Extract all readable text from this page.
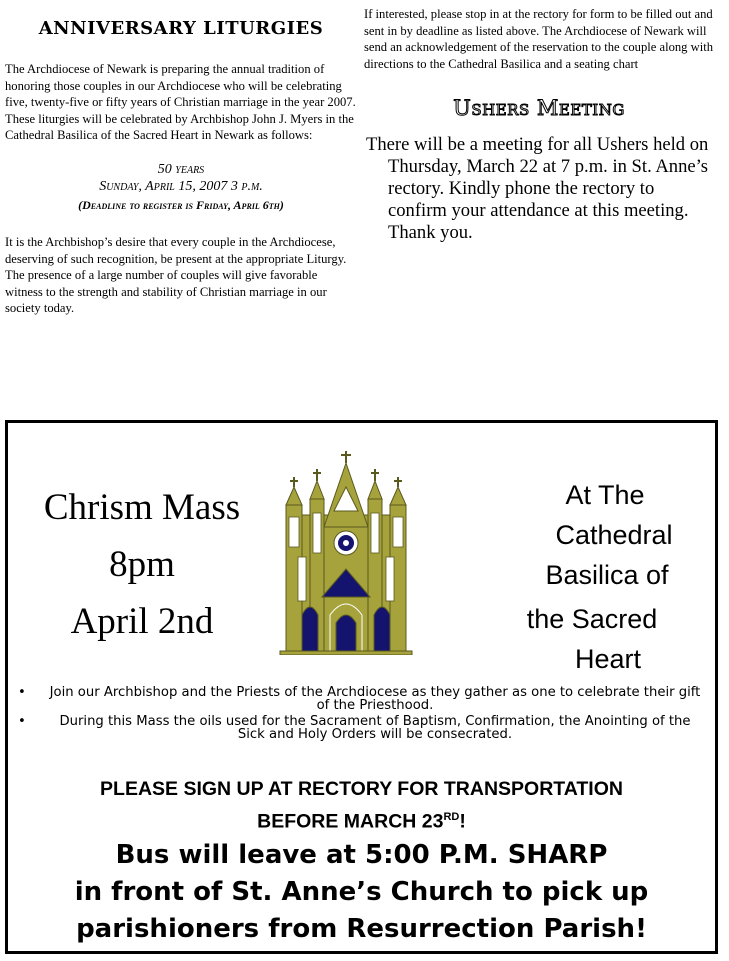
ANNIVERSARY LITURGIES

The Archdiocese of Newark is preparing the annual tradition of honoring those couples in our Archdiocese who will be celebrating five, twenty-five or fifty years of Christian marriage in the year 2007. These liturgies will be celebrated by Archbishop John J. Myers in the Cathedral Basilica of the Sacred Heart in Newark as follows:

50 years
Sunday, April 15, 2007 3 p.m.
(Deadline to register is Friday, April 6th)

It is the Archbishop’s desire that every couple in the Archdiocese, deserving of such recognition, be present at the appropriate Liturgy. The presence of a large number of couples will give favorable witness to the strength and stability of Christian marriage in our society today.

If interested, please stop in at the rectory for form to be filled out and sent in by deadline as listed above. The Archdiocese of Newark will send an acknowledgement of the reservation to the couple along with directions to the Cathedral Basilica and a seating chart

Ushers Meeting

There will be a meeting for all Ushers held on Thursday, March 22 at 7 p.m. in St. Anne’s rectory. Kindly phone the rectory to confirm your attendance at this meeting. Thank you.

Chrism Mass
8pm
April 2nd
At The
Cathedral
Basilica of
the Sacred
Heart
• Join our Archbishop and the Priests of the Archdiocese as they gather as one to celebrate their gift of the Priesthood.
•	During this Mass the oils used for the Sacrament of Baptism, Confirmation, the Anointing of the Sick and Holy Orders will be consecrated.
PLEASE SIGN UP AT RECTORY FOR TRANSPORTATION
BEFORE MARCH 23RD!
Bus will leave at 5:00 P.M. SHARP
in front of St. Anne’s Church to pick up
parishioners from Resurrection Parish!
